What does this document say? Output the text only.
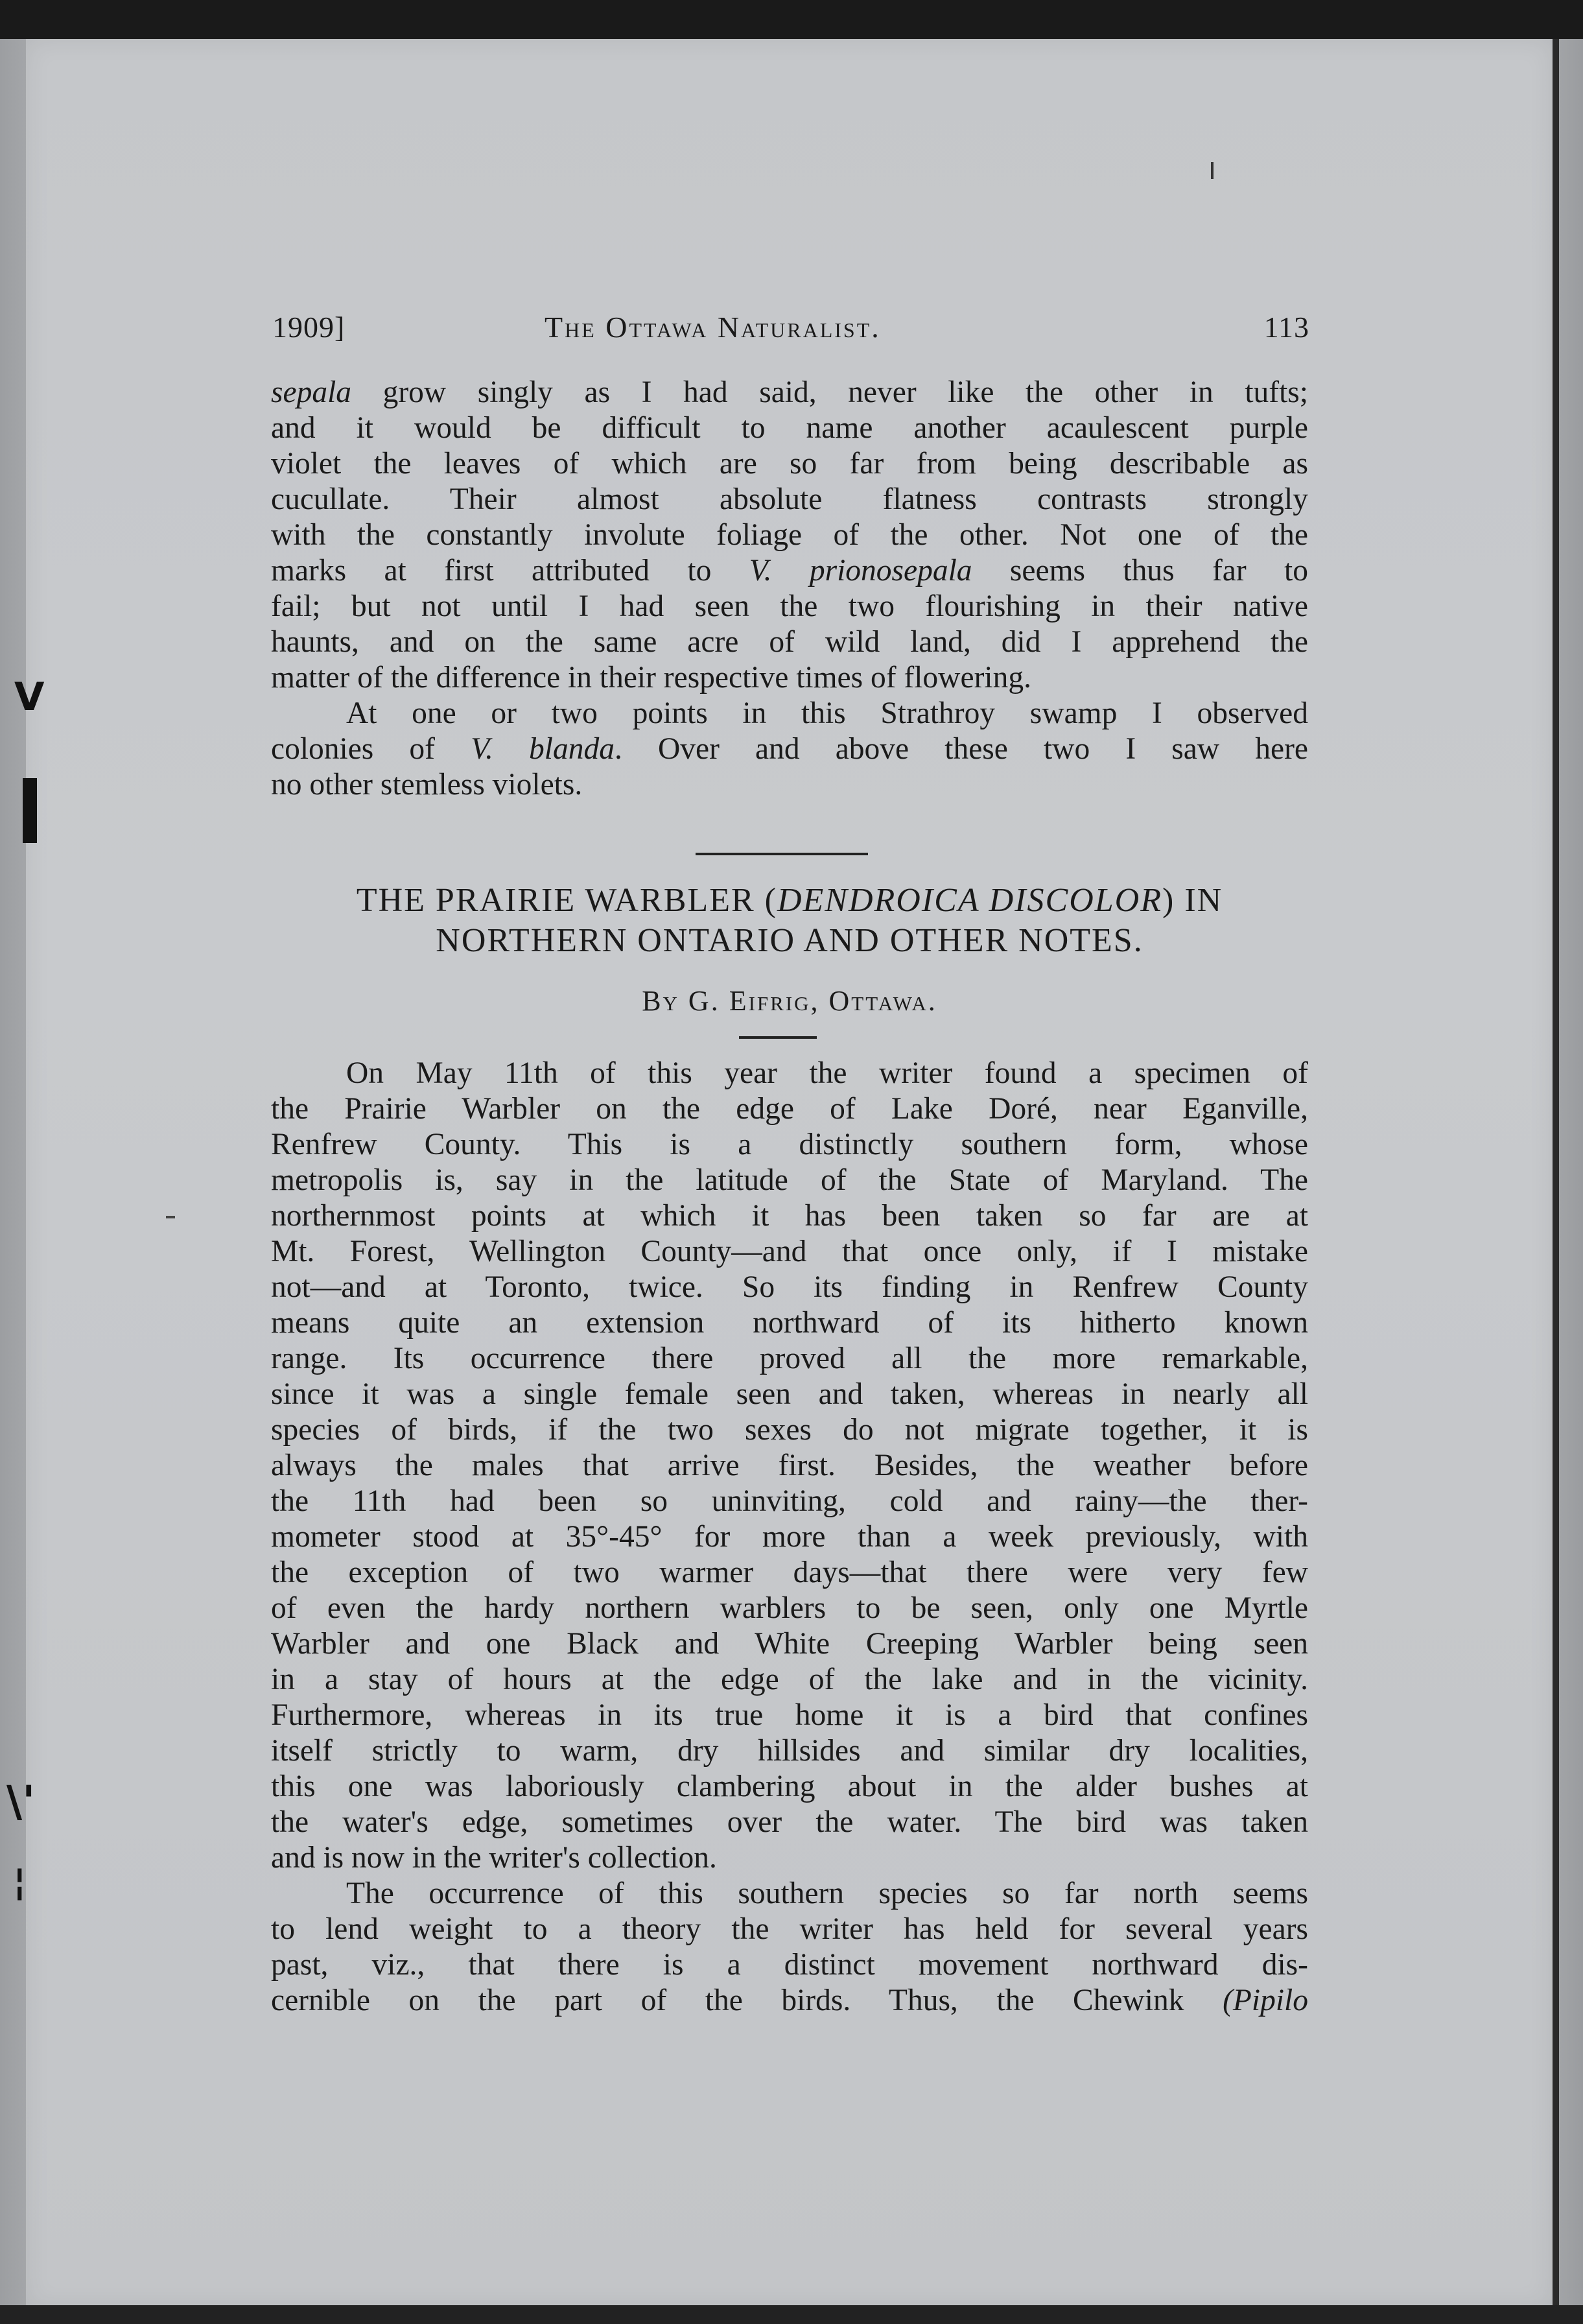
V
\'
¦
1909]	The Ottawa Naturalist.	113
sepala grow singly as I had said, never like the other in tufts;
and it would be difficult to name another acaulescent purple
violet the leaves of which are so far from being describable as
cucullate. Their almost absolute flatness contrasts strongly
with the constantly involute foliage of the other. Not one of the
marks at first attributed to V. prionosepala seems thus far to
fail; but not until I had seen the two flourishing in their native
haunts, and on the same acre of wild land, did I apprehend the
matter of the difference in their respective times of flowering.
At one or two points in this Strathroy swamp I observed
colonies of V. blanda. Over and above these two I saw here
no other stemless violets.
THE PRAIRIE WARBLER (DENDROICA DISCOLOR) IN
NORTHERN ONTARIO AND OTHER NOTES.
By G. Eifrig, Ottawa.
On May 11th of this year the writer found a specimen of
the Prairie Warbler on the edge of Lake Doré, near Eganville,
Renfrew County. This is a distinctly southern form, whose
metropolis is, say in the latitude of the State of Maryland. The
northernmost points at which it has been taken so far are at
Mt. Forest, Wellington County—and that once only, if I mistake
not—and at Toronto, twice. So its finding in Renfrew County
means quite an extension northward of its hitherto known
range. Its occurrence there proved all the more remarkable,
since it was a single female seen and taken, whereas in nearly all
species of birds, if the two sexes do not migrate together, it is
always the males that arrive first. Besides, the weather before
the 11th had been so uninviting, cold and rainy—the ther-
mometer stood at 35°-45° for more than a week previously, with
the exception of two warmer days—that there were very few
of even the hardy northern warblers to be seen, only one Myrtle
Warbler and one Black and White Creeping Warbler being seen
in a stay of hours at the edge of the lake and in the vicinity.
Furthermore, whereas in its true home it is a bird that confines
itself strictly to warm, dry hillsides and similar dry localities,
this one was laboriously clambering about in the alder bushes at
the water's edge, sometimes over the water. The bird was taken
and is now in the writer's collection.
The occurrence of this southern species so far north seems
to lend weight to a theory the writer has held for several years
past, viz., that there is a distinct movement northward dis-
cernible on the part of the birds. Thus, the Chewink (Pipilo
